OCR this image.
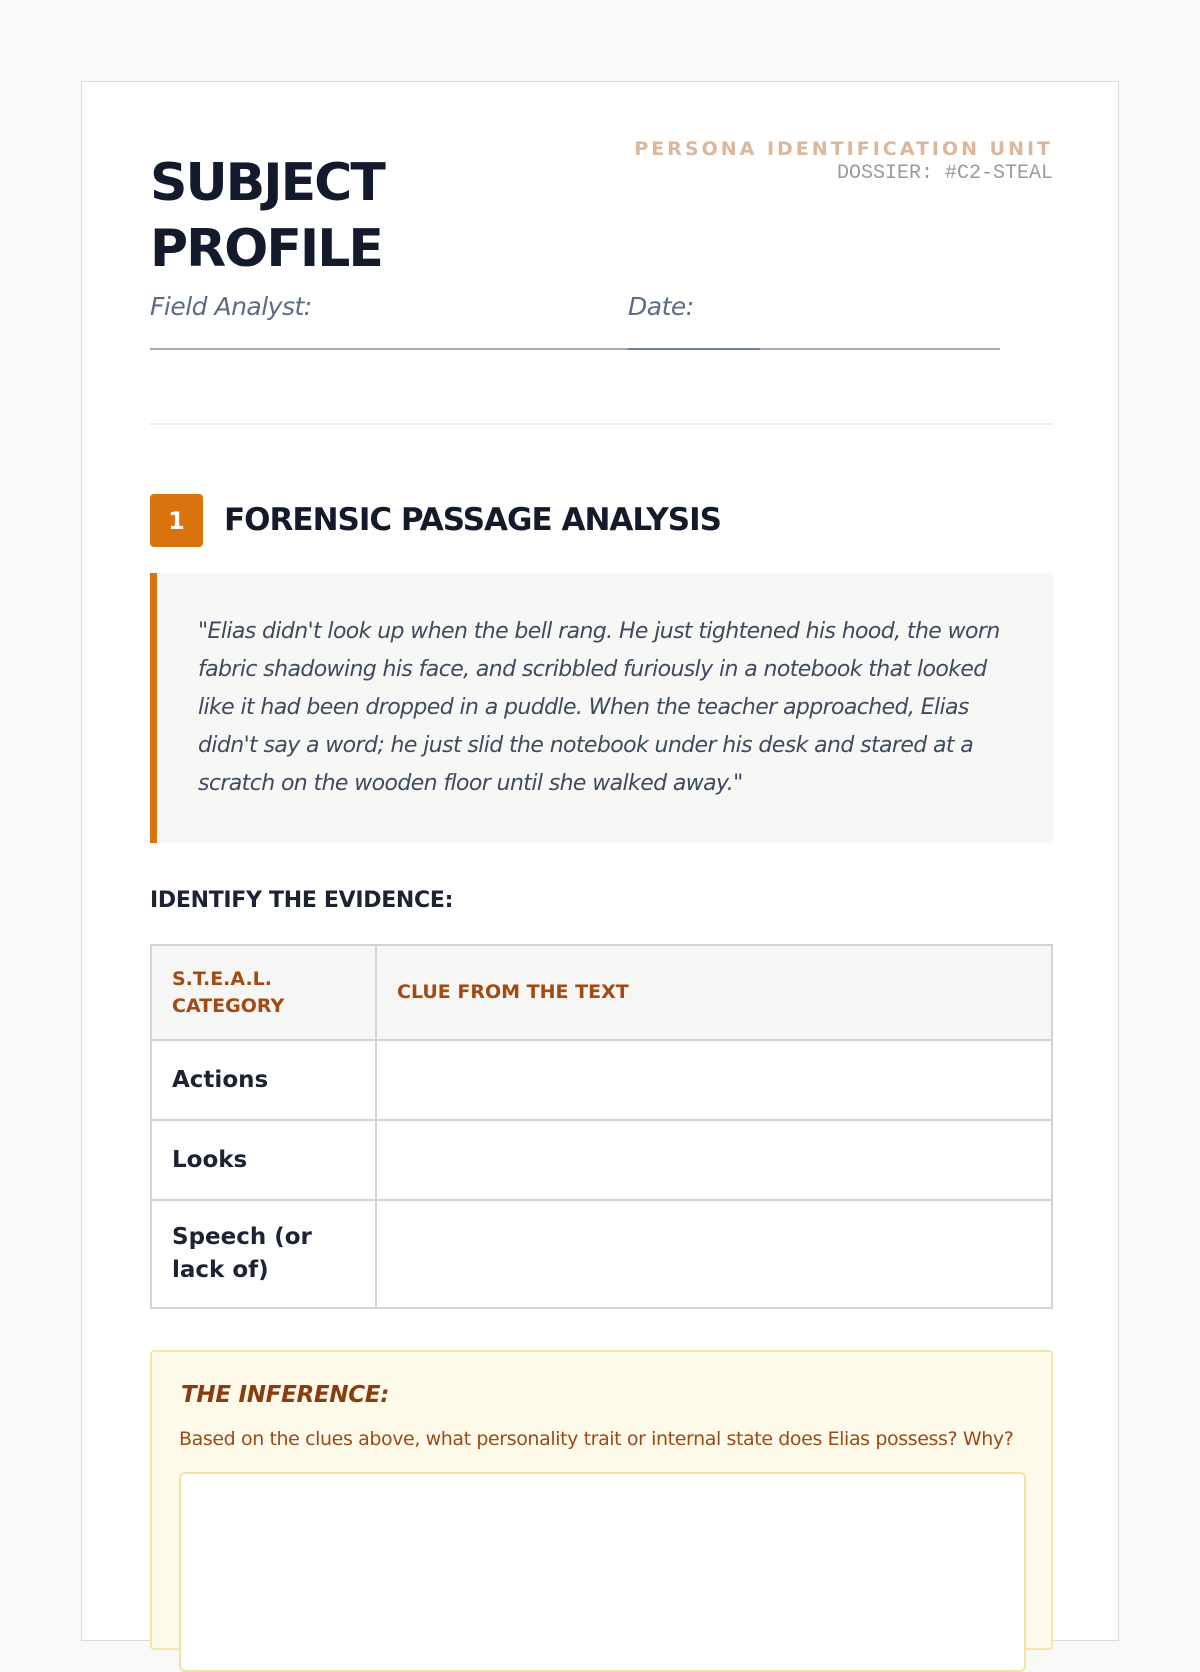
SUBJECT
PROFILE
PERSONA IDENTIFICATION UNIT
DOSSIER: #C2-STEAL
Field Analyst:	Date:
1	FORENSIC PASSAGE ANALYSIS

"Elias didn't look up when the bell rang. He just tightened his hood, the worn fabric shadowing his face, and scribbled furiously in a notebook that looked like it had been dropped in a puddle. When the teacher approached, Elias didn't say a word; he just slid the notebook under his desk and stared at a scratch on the wooden floor until she walked away."

IDENTIFY THE EVIDENCE:
S.T.E.A.L. CATEGORY	CLUE FROM THE TEXT
Actions	
Looks	
Speech (or lack of)	
THE INFERENCE:
Based on the clues above, what personality trait or internal state does Elias possess? Why?
